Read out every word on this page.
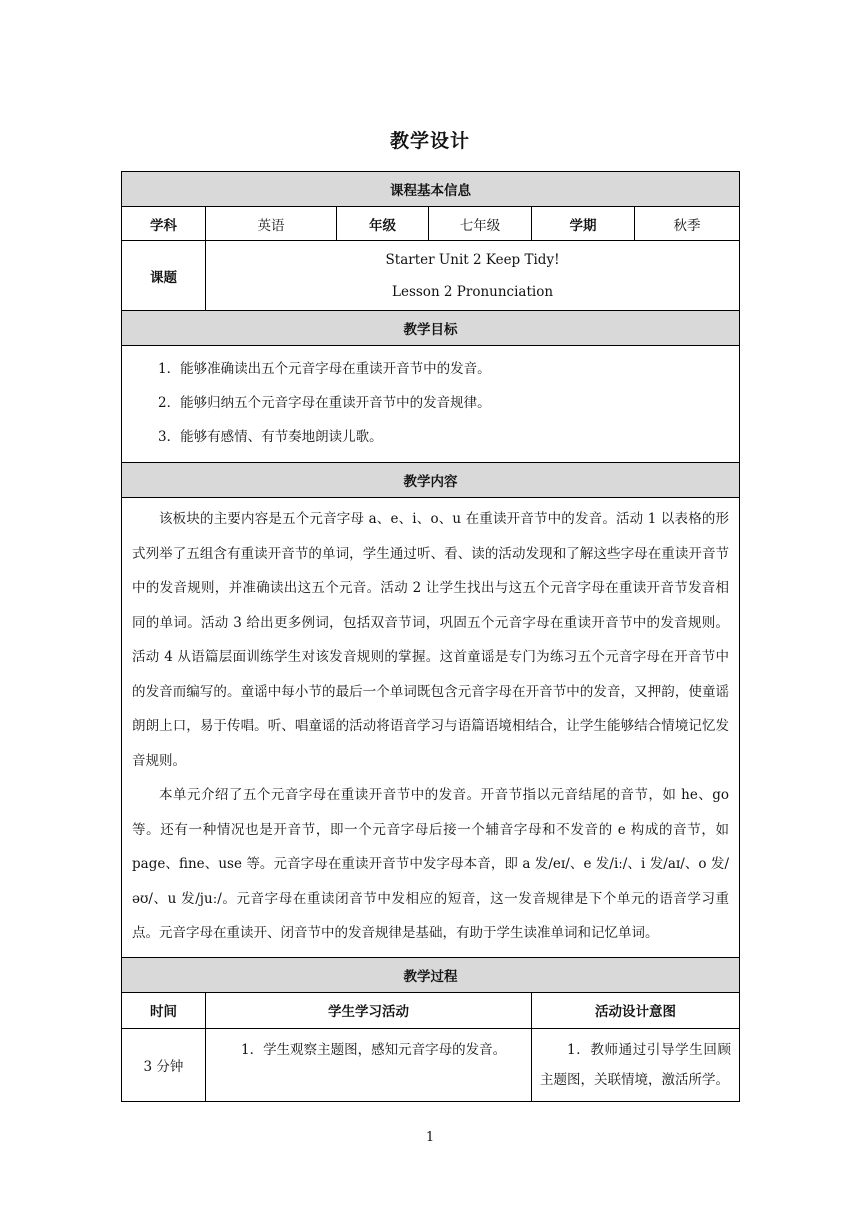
教学设计
课程基本信息					
学科	英语	年级	七年级	学期	秋季
课题	Starter Unit 2 Keep Tidy!
Lesson 2 Pronunciation				

教学目标					

1．能够准确读出五个元音字母在重读开音节中的发音。

2．能够归纳五个元音字母在重读开音节中的发音规律。

3．能够有感情、有节奏地朗读儿歌。					

教学内容					

该板块的主要内容是五个元音字母 a、e、i、o、u 在重读开音节中的发音。活动 1 以表格的形式列举了五组含有重读开音节的单词，学生通过听、看、读的活动发现和了解这些字母在重读开音节中的发音规则，并准确读出这五个元音。活动 2 让学生找出与这五个元音字母在重读开音节发音相同的单词。活动 3 给出更多例词，包括双音节词，巩固五个元音字母在重读开音节中的发音规则。活动 4 从语篇层面训练学生对该发音规则的掌握。这首童谣是专门为练习五个元音字母在开音节中的发音而编写的。童谣中每小节的最后一个单词既包含元音字母在开音节中的发音，又押韵，使童谣朗朗上口，易于传唱。听、唱童谣的活动将语音学习与语篇语境相结合，让学生能够结合情境记忆发音规则。

本单元介绍了五个元音字母在重读开音节中的发音。开音节指以元音结尾的音节，如 he、go 等。还有一种情况也是开音节，即一个元音字母后接一个辅音字母和不发音的 e 构成的音节，如 page、fine、use 等。元音字母在重读开音节中发字母本音，即 a 发/eɪ/、e 发/iː/、i 发/aɪ/、o 发/əʊ/、u 发/juː/。元音字母在重读闭音节中发相应的短音，这一发音规律是下个单元的语音学习重点。元音字母在重读开、闭音节中的发音规律是基础，有助于学生读准单词和记忆单词。					

教学过程					
时间	学生学习活动			活动设计意图	
3 分钟	1．学生观察主题图，感知元音字母的发音。			1．教师通过引导学生回顾主题图，关联情境，激活所学。	

1
